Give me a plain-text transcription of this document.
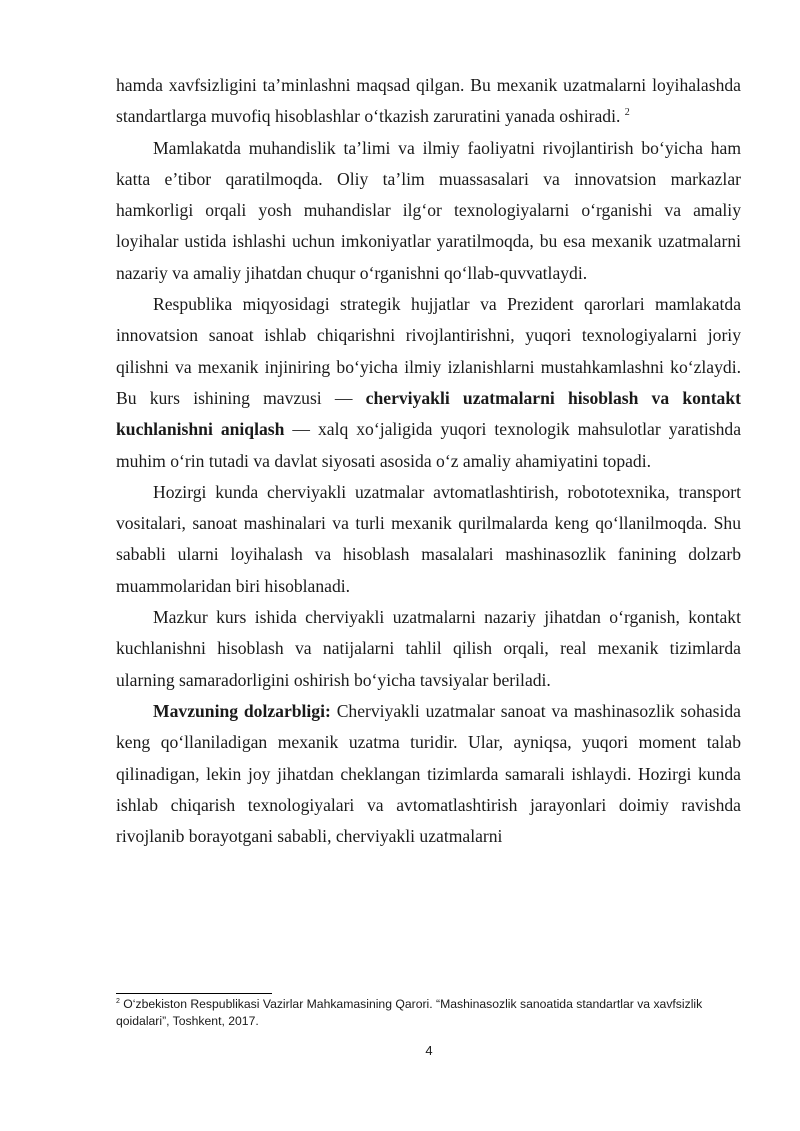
hamda xavfsizligini ta’minlashni maqsad qilgan. Bu mexanik uzatmalarni loyihalashda standartlarga muvofiq hisoblashlar o‘tkazish zaruratini yanada oshiradi. $^2$

Mamlakatda muhandislik ta’limi va ilmiy faoliyatni rivojlantirish bo‘yicha ham katta e’tibor qaratilmoqda. Oliy ta’lim muassasalari va innovatsion markazlar hamkorligi orqali yosh muhandislar ilg‘or texnologiyalarni o‘rganishi va amaliy loyihalar ustida ishlashi uchun imkoniyatlar yaratilmoqda, bu esa mexanik uzatmalarni nazariy va amaliy jihatdan chuqur o‘rganishni qo‘llab-quvvatlaydi.

Respublika miqyosidagi strategik hujjatlar va Prezident qarorlari mamlakatda innovatsion sanoat ishlab chiqarishni rivojlantirishni, yuqori texnologiyalarni joriy qilishni va mexanik injiniring bo‘yicha ilmiy izlanishlarni mustahkamlashni ko‘zlaydi. Bu kurs ishining mavzusi — cherviyakli uzatmalarni hisoblash va kontakt kuchlanishni aniqlash — xalq xo‘jaligida yuqori texnologik mahsulotlar yaratishda muhim o‘rin tutadi va davlat siyosati asosida o‘z amaliy ahamiyatini topadi.

Hozirgi kunda cherviyakli uzatmalar avtomatlashtirish, robototexnika, transport vositalari, sanoat mashinalari va turli mexanik qurilmalarda keng qo‘llanilmoqda. Shu sababli ularni loyihalash va hisoblash masalalari mashinasozlik fanining dolzarb muammolaridan biri hisoblanadi.

Mazkur kurs ishida cherviyakli uzatmalarni nazariy jihatdan o‘rganish, kontakt kuchlanishni hisoblash va natijalarni tahlil qilish orqali, real mexanik tizimlarda ularning samaradorligini oshirish bo‘yicha tavsiyalar beriladi.

Mavzuning dolzarbligi: Cherviyakli uzatmalar sanoat va mashinasozlik sohasida keng qo‘llaniladigan mexanik uzatma turidir. Ular, ayniqsa, yuqori moment talab qilinadigan, lekin joy jihatdan cheklangan tizimlarda samarali ishlaydi. Hozirgi kunda ishlab chiqarish texnologiyalari va avtomatlashtirish jarayonlari doimiy ravishda rivojlanib borayotgani sababli, cherviyakli uzatmalarni

$^2$ O‘zbekiston Respublikasi Vazirlar Mahkamasining Qarori. “Mashinasozlik sanoatida standartlar va xavfsizlik qoidalari”, Toshkent, 2017.
4
